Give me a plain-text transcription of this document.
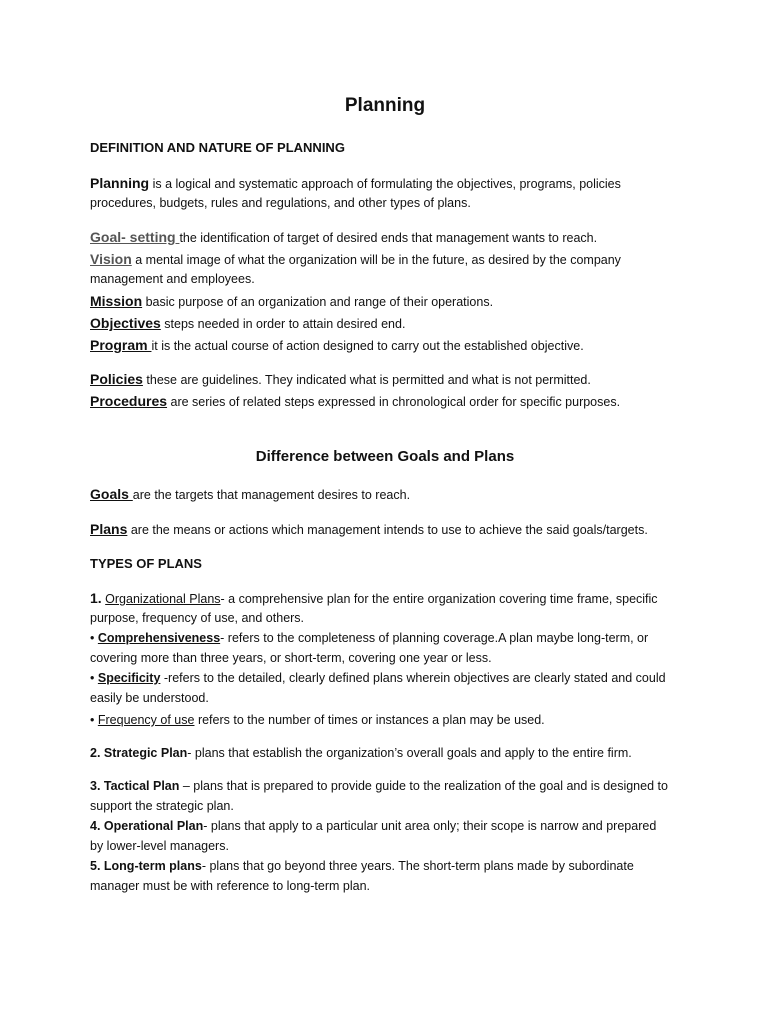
Planning
DEFINITION AND NATURE OF PLANNING
Planning is a logical and systematic approach of formulating the objectives, programs, policies
procedures, budgets, rules and regulations, and other types of plans.
Goal- setting the identification of target of desired ends that management wants to reach.
Vision a mental image of what the organization will be in the future, as desired by the company
management and employees.
Mission basic purpose of an organization and range of their operations.
Objectives steps needed in order to attain desired end.
Program it is the actual course of action designed to carry out the established objective.
Policies these are guidelines. They indicated what is permitted and what is not permitted.
Procedures are series of related steps expressed in chronological order for specific purposes.
Difference between Goals and Plans
Goals are the targets that management desires to reach.
Plans are the means or actions which management intends to use to achieve the said goals/targets.
TYPES OF PLANS
1. Organizational Plans- a comprehensive plan for the entire organization covering time frame, specific
purpose, frequency of use, and others.
• Comprehensiveness- refers to the completeness of planning coverage.A plan maybe long-term, or
covering more than three years, or short-term, covering one year or less.
• Specificity -refers to the detailed, clearly defined plans wherein objectives are clearly stated and could
easily be understood.
• Frequency of use refers to the number of times or instances a plan may be used.
2. Strategic Plan- plans that establish the organization’s overall goals and apply to the entire firm.
3. Tactical Plan – plans that is prepared to provide guide to the realization of the goal and is designed to
support the strategic plan.
4. Operational Plan- plans that apply to a particular unit area only; their scope is narrow and prepared
by lower-level managers.
5. Long-term plans- plans that go beyond three years. The short-term plans made by subordinate
manager must be with reference to long-term plan.
